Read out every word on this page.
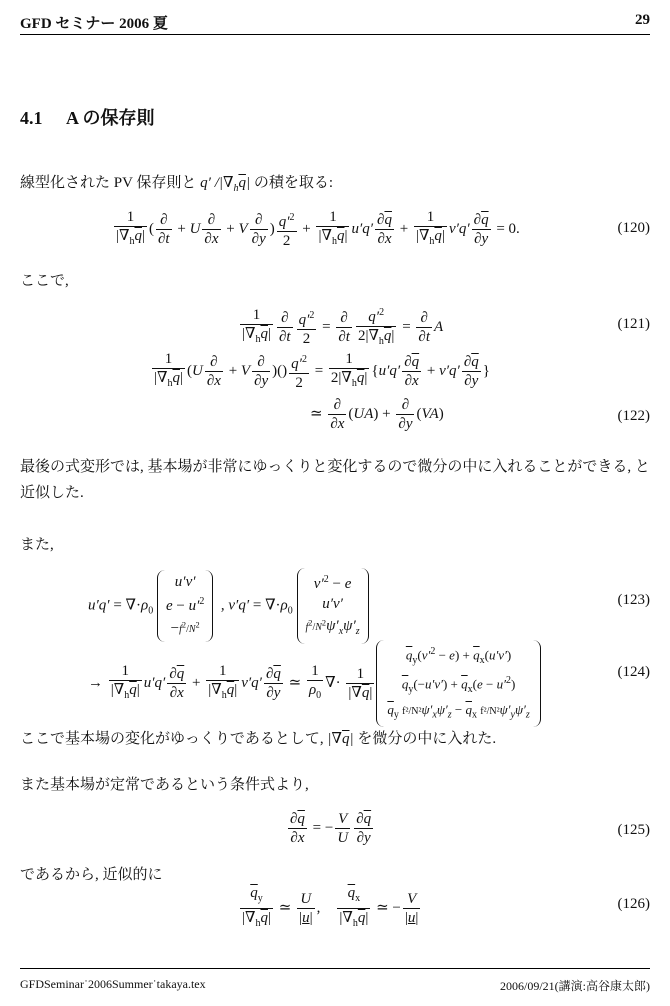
GFD セミナー 2006 夏	29
4.1 A の保存則
線型化された PV 保存則と q′ $/|\nabla_h\overline{q}|$ の積を取る:
$\frac{1}{|\nabla_h\overline{q}|}$ ( $\frac{\partial}{\partial t} + U \frac{\partial}{\partial x} + V \frac{\partial}{\partial y}$ ) $\frac{q'^2}{2} + \frac{1}{|\nabla_h\overline{q}|} u'q' \frac{\partial\overline{q}}{\partial x} + \frac{1}{|\nabla_h\overline{q}|} v'q' \frac{\partial\overline{q}}{\partial y} = 0$.	(120)
ここで,
$\frac{1}{|\nabla_h\overline{q}|} \frac{\partial}{\partial t} \frac{q'^2}{2} = \frac{\partial}{\partial t} \frac{q'^2}{2|\nabla_h\overline{q}|} = \frac{\partial}{\partial t}$ A	(121)
$\frac{1}{|\nabla_h\overline{q}|} (U \frac{\partial}{\partial x} + V \frac{\partial}{\partial y}$ )() $\frac{q'^2}{2} = \frac{1}{2|\nabla_h\overline{q}|} \{u'q' \frac{\partial\overline{q}}{\partial x} + v'q' \frac{\partial\overline{q}}{\partial y}$ }
≃ $\frac{\partial}{\partial x} (UA) + \frac{\partial}{\partial y} (VA)$	(122)
最後の式変形では, 基本場が非常にゆっくりと変化するので微分の中に入れることができる, と近似した.
また,
$u'q' = \nabla\cdot\rho_0$ u′v′
$e - u'^2$
$-f^2/N^2$  , $v'q' = \nabla\cdot\rho_0$ $v'^2 - e$
u′v′
$f^2/N^2\psi'_x\psi'_z$
(123)
→ $\frac{1}{|\nabla_h\overline{q}|} u'q' \frac{\partial\overline{q}}{\partial x} + \frac{1}{|\nabla_h\overline{q}|} v'q' \frac{\partial\overline{q}}{\partial y}$ ≃ $\frac{1}{\rho_0}$ ∇· $\frac{1}{|\nabla\overline{q}|}$
$\overline{q}_y(v'^2 - e) + \overline{q}_x(u'v')$
$\overline{q}_y(-u'v') + \overline{q}_x(e - u'^2)$
$\overline{q}_y$ $f^2/N^2\psi'_x\psi'_z - \overline{q}_x$ $f^2/N^2\psi'_y\psi'_z$
(124)
ここで基本場の変化がゆっくりであるとして, $|\nabla\overline{q}|$ を微分の中に入れた.
また基本場が定常であるという条件式より,
$\frac{\partial\overline{q}}{\partial x}$ = − $\frac{V}{U} \frac{\partial\overline{q}}{\partial y}$	(125)
であるから, 近似的に
$\frac{\overline{q}_y}{|\nabla_h\overline{q}|}$ ≃ $\frac{U}{|u|}$ , $\frac{\overline{q}_x}{|\nabla_h\overline{q}|}$ ≃ − $\frac{V}{|u|}$	(126)
GFDSeminar˙2006Summer˙takaya.tex	2006/09/21(講演:高谷康太郎)
